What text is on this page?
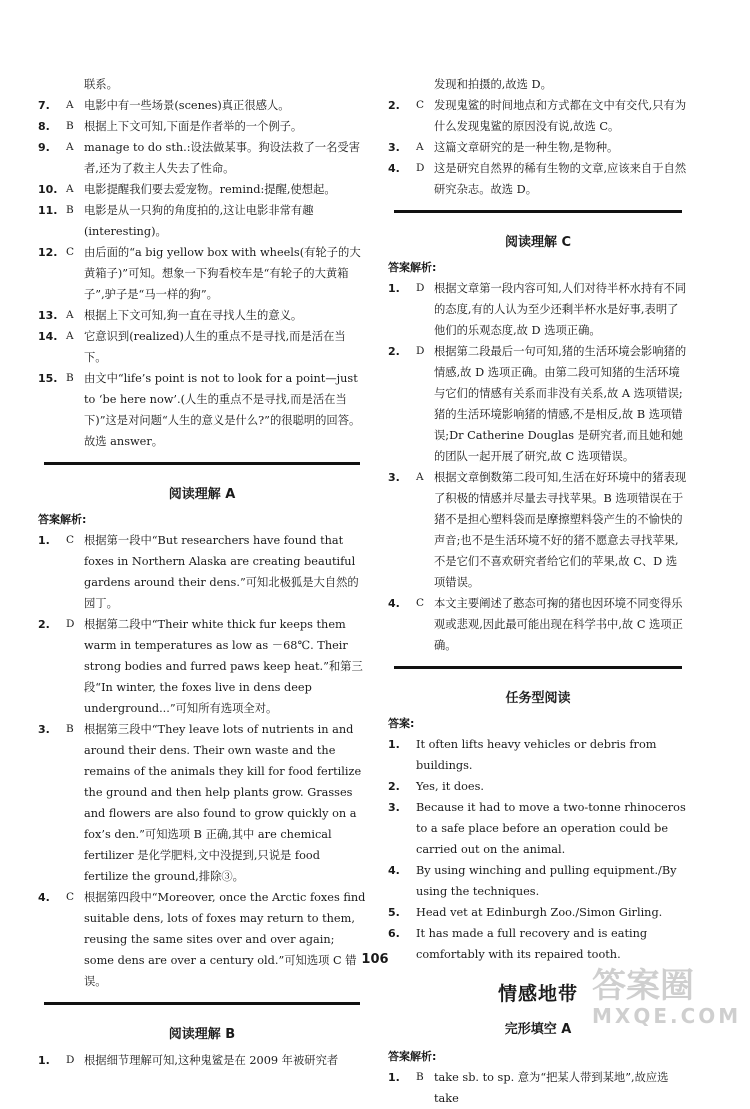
联系。

7.	A 电影中有一些场景(scenes)真正很感人。
8.	B 根据上下文可知,下面是作者举的一个例子。
9.	A manage to do sth.:设法做某事。狗设法救了一名受害者,还为了救主人失去了性命。
10. A 电影提醒我们要去爱宠物。remind:提醒,使想起。
11. B 电影是从一只狗的角度拍的,这让电影非常有趣(interesting)。
12. C 由后面的“a big yellow box with wheels(有轮子的大黄箱子)”可知。想象一下狗看校车是“有轮子的大黄箱子”,驴子是“马一样的狗”。
13. A 根据上下文可知,狗一直在寻找人生的意义。
14. A 它意识到(realized)人生的重点不是寻找,而是活在当下。
15. B 由文中“life’s point is not to look for a point—just to ‘be here now’.(人生的重点不是寻找,而是活在当下)”这是对问题“人生的意义是什么?”的很聪明的回答。故选 answer。
阅读理解 A
答案解析:
1.	C 根据第一段中“But researchers have found that foxes in Northern Alaska are creating beautiful gardens around their dens.”可知北极狐是大自然的园丁。
2.	D 根据第二段中“Their white thick fur keeps them warm in temperatures as low as －68℃. Their strong bodies and furred paws keep heat.”和第三段“In winter, the foxes live in dens deep underground...”可知所有选项全对。
3.	B 根据第三段中“They leave lots of nutrients in and around their dens. Their own waste and the remains of the animals they kill for food fertilize the ground and then help plants grow. Grasses and flowers are also found to grow quickly on a fox’s den.”可知选项 B 正确,其中 are chemical fertilizer 是化学肥料,文中没提到,只说是 food fertilize the ground,排除③。
4.	C 根据第四段中“Moreover, once the Arctic foxes find suitable dens, lots of foxes may return to them, reusing the same sites over and over again; some dens are over a century old.”可知选项 C 错误。
阅读理解 B
1.	D 根据细节理解可知,这种鬼鲨是在 2009 年被研究者

发现和拍摄的,故选 D。

2.	C 发现鬼鲨的时间地点和方式都在文中有交代,只有为什么发现鬼鲨的原因没有说,故选 C。
3.	A 这篇文章研究的是一种生物,是物种。
4.	D 这是研究自然界的稀有生物的文章,应该来自于自然研究杂志。故选 D。
阅读理解 C
答案解析:
1.	D 根据文章第一段内容可知,人们对待半杯水持有不同的态度,有的人认为至少还剩半杯水是好事,表明了他们的乐观态度,故 D 选项正确。
2.	D 根据第二段最后一句可知,猪的生活环境会影响猪的情感,故 D 选项正确。由第二段可知猪的生活环境与它们的情感有关系而非没有关系,故 A 选项错误;猪的生活环境影响猪的情感,不是相反,故 B 选项错误;Dr Catherine Douglas 是研究者,而且她和她的团队一起开展了研究,故 C 选项错误。
3.	A 根据文章倒数第二段可知,生活在好环境中的猪表现了积极的情感并尽量去寻找苹果。B 选项错误在于猪不是担心塑料袋而是摩擦塑料袋产生的不愉快的声音;也不是生活环境不好的猪不愿意去寻找苹果,不是它们不喜欢研究者给它们的苹果,故 C、D 选项错误。
4.	C 本文主要阐述了憨态可掬的猪也因环境不同变得乐观或悲观,因此最可能出现在科学书中,故 C 选项正确。
任务型阅读
答案:
1.	It often lifts heavy vehicles or debris from buildings.
2.	Yes, it does.
3.	Because it had to move a two-tonne rhinoceros to a safe place before an operation could be carried out on the animal.
4.	By using winching and pulling equipment./By using the techniques.
5.	Head vet at Edinburgh Zoo./Simon Girling.
6.	It has made a full recovery and is eating comfortably with its repaired tooth.
情感地带
完形填空 A
答案解析:
1.	B take sb. to sp. 意为“把某人带到某地”,故应选 take
106
答案圈
MXQE.COM
